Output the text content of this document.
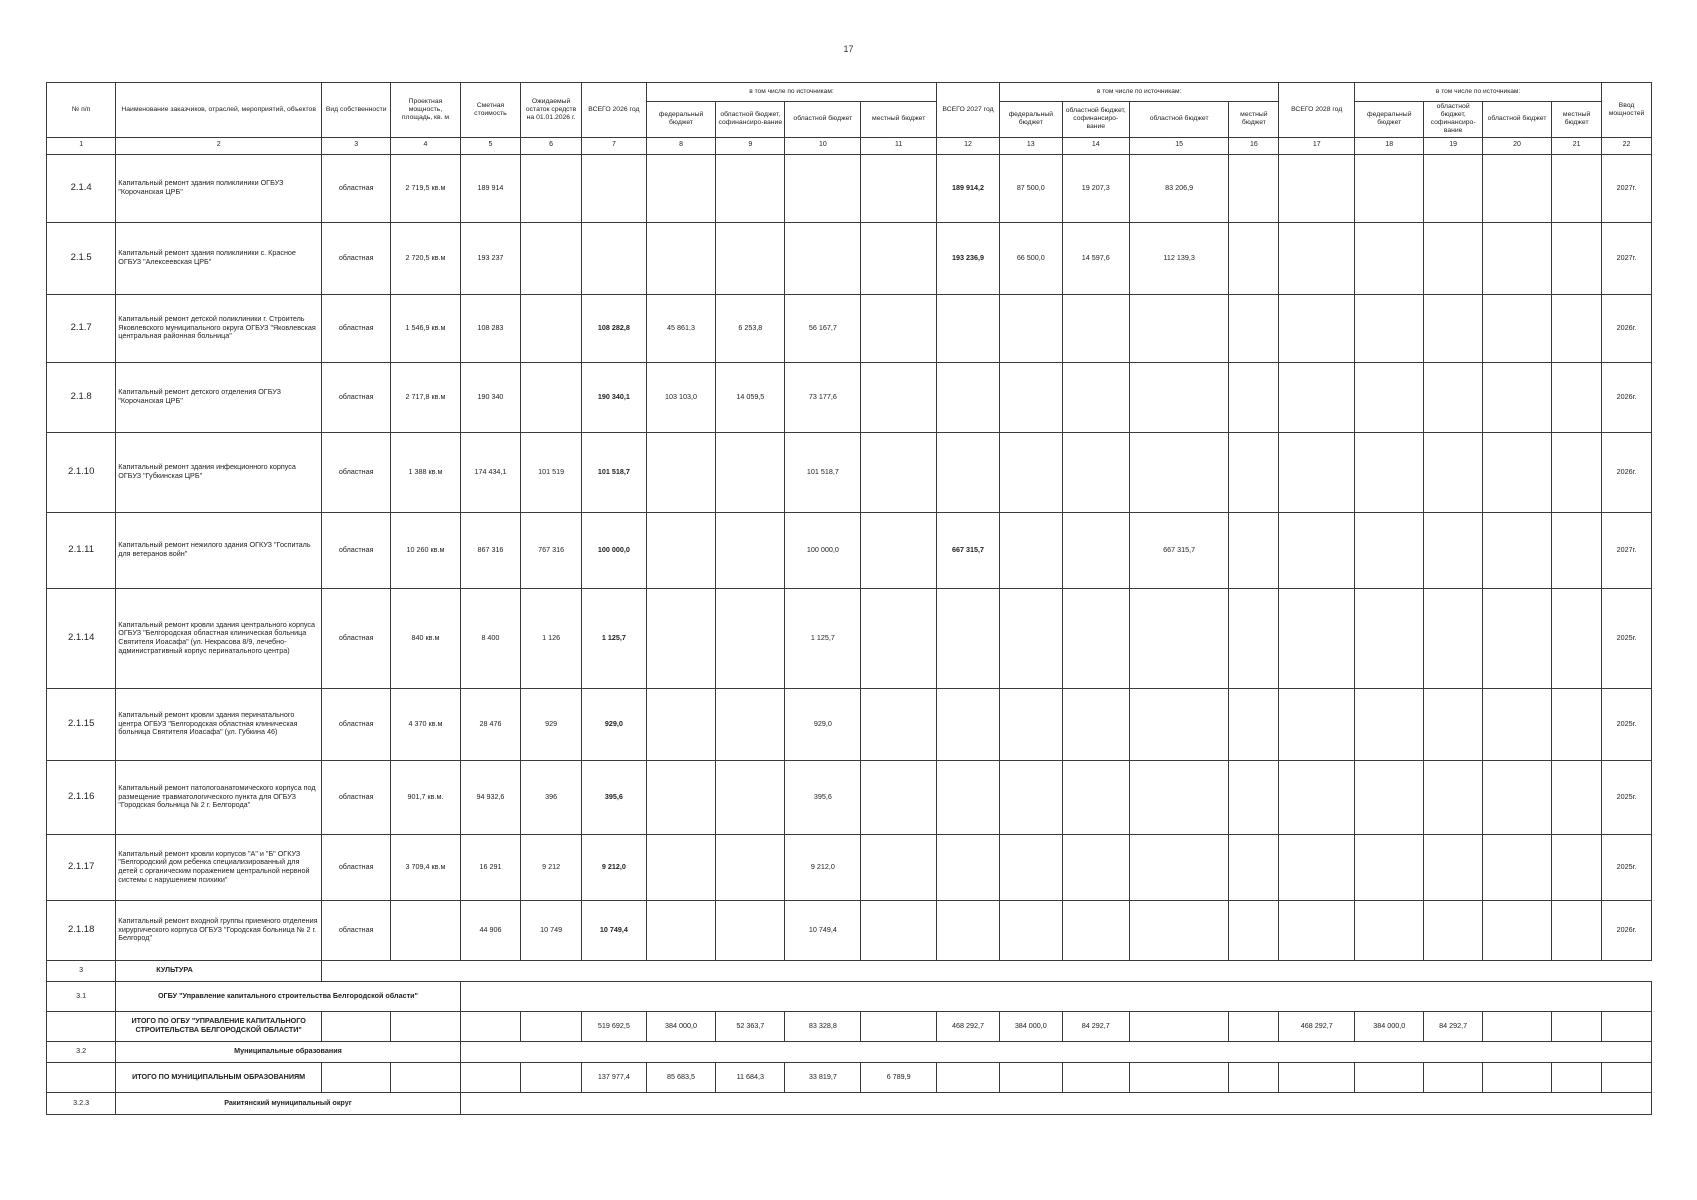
17
№ п/п	Наименование заказчиков, отраслей, мероприятий, объектов	Вид собственности	Проектная мощность, площадь, кв. м	Сметная стоимость	Ожидаемый остаток средств на 01.01.2026 г.	ВСЕГО 2026 год	в том числе по источникам:				ВСЕГО 2027 год	в том числе по источникам:				ВСЕГО 2028 год	в том числе по источникам:				Ввод мощностей
							федеральный бюджет	областной бюджет, софинансиро-вание	областной бюджет	местный бюджет		федеральный бюджет	областной бюджет, софинансиро-вание	областной бюджет	местный бюджет		федеральный бюджет	областной бюджет, софинансиро-вание	областной бюджет	местный бюджет	
1	2	3	4	5	6	7	8	9	10	11	12	13	14	15	16	17	18	19	20	21	22
2.1.4	Капитальный ремонт здания поликлиники ОГБУЗ "Корочанская ЦРБ"	областная	2 719,5 кв.м	189 914							189 914,2	87 500,0	19 207,3	83 206,9							2027г.
2.1.5	Капитальный ремонт здания поликлиники с. Красное ОГБУЗ "Алексеевская ЦРБ"	областная	2 720,5 кв.м	193 237							193 236,9	66 500,0	14 597,6	112 139,3							2027г.
2.1.7	Капитальный ремонт детской поликлиники г. Строитель Яковлевского муниципального округа ОГБУЗ "Яковлевская центральная районная больница"	областная	1 546,9 кв.м	108 283		108 282,8	45 861,3	6 253,8	56 167,7												2026г.
2.1.8	Капитальный ремонт детского отделения ОГБУЗ "Корочанская ЦРБ"	областная	2 717,8 кв.м	190 340		190 340,1	103 103,0	14 059,5	73 177,6												2026г.
2.1.10	Капитальный ремонт здания инфекционного корпуса ОГБУЗ "Губкинская ЦРБ"	областная	1 388 кв.м	174 434,1	101 519	101 518,7			101 518,7												2026г.
2.1.11	Капитальный ремонт нежилого здания ОГКУЗ "Госпиталь для ветеранов войн"	областная	10 260 кв.м	867 316	767 316	100 000,0			100 000,0		667 315,7			667 315,7							2027г.
2.1.14	Капитальный ремонт кровли здания центрального корпуса ОГБУЗ "Белгородская областная клиническая больница Святителя Иоасафа" (ул. Некрасова 8/9, лечебно-административный корпус перинатального центра)	областная	840 кв.м	8 400	1 126	1 125,7			1 125,7												2025г.
2.1.15	Капитальный ремонт кровли здания перинатального центра ОГБУЗ "Белгородская областная клиническая больница Святителя Иоасафа" (ул. Губкина 46)	областная	4 370 кв.м	28 476	929	929,0			929,0												2025г.
2.1.16	Капитальный ремонт патологоанатомического корпуса под размещение травматологического пункта для ОГБУЗ "Городская больница № 2 г. Белгорода"	областная	901,7 кв.м.	94 932,6	396	395,6			395,6												2025г.
2.1.17	Капитальный ремонт кровли корпусов "А" и "Б" ОГКУЗ "Белгородский дом ребенка специализированный для детей с органическим поражением центральной нервной системы с нарушением психики"	областная	3 709,4 кв.м	16 291	9 212	9 212,0			9 212,0												2025г.
2.1.18	Капитальный ремонт входной группы приемного отделения хирургического корпуса ОГБУЗ "Городская больница № 2 г. Белгород"	областная		44 906	10 749	10 749,4			10 749,4												2026г.
3	КУЛЬТУРА																				
3.1	ОГБУ "Управление капитального строительства Белгородской области"																				
	ИТОГО ПО ОГБУ "УПРАВЛЕНИЕ КАПИТАЛЬНОГО СТРОИТЕЛЬСТВА БЕЛГОРОДСКОЙ ОБЛАСТИ"					519 692,5	384 000,0	52 363,7	83 328,8		468 292,7	384 000,0	84 292,7			468 292,7	384 000,0	84 292,7			
3.2	Муниципальные образования																				
	ИТОГО ПО МУНИЦИПАЛЬНЫМ ОБРАЗОВАНИЯМ					137 977,4	85 683,5	11 684,3	33 819,7	6 789,9											
3.2.3	Ракитянский муниципальный округ																				
